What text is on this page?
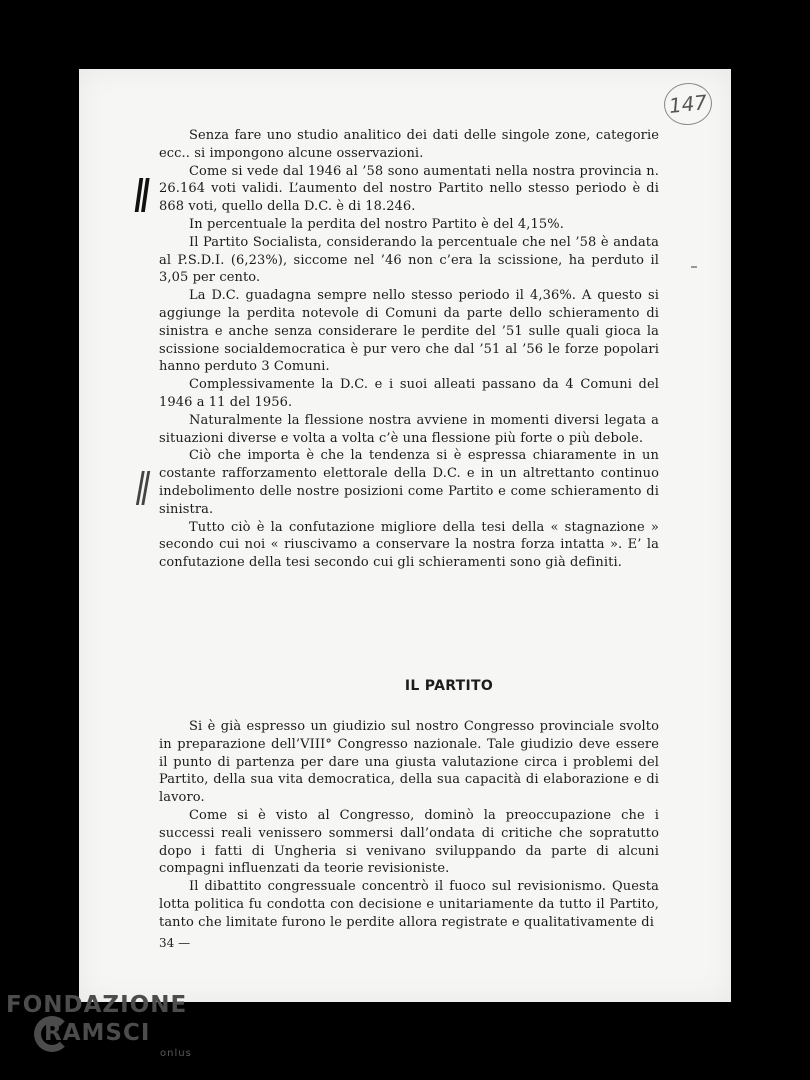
147
||
||

Senza fare uno studio analitico dei dati delle singole zone, categorie ecc.. si impongono alcune osservazioni.

Come si vede dal 1946 al ’58 sono aumentati nella nostra provincia n. 26.164 voti validi. L’aumento del nostro Partito nello stesso periodo è di 868 voti, quello della D.C. è di 18.246.

In percentuale la perdita del nostro Partito è del 4,15%.

Il Partito Socialista, considerando la percentuale che nel ’58 è andata al P.S.D.I. (6,23%), siccome nel ’46 non c’era la scissione, ha perduto il 3,05 per cento.

La D.C. guadagna sempre nello stesso periodo il 4,36%. A questo si aggiunge la perdita notevole di Comuni da parte dello schieramento di sinistra e anche senza considerare le perdite del ’51 sulle quali gioca la scissione socialdemocratica è pur vero che dal ’51 al ’56 le forze popolari hanno perduto 3 Comuni.

Complessivamente la D.C. e i suoi alleati passano da 4 Comuni del 1946 a 11 del 1956.

Naturalmente la flessione nostra avviene in momenti diversi legata a situazioni diverse e volta a volta c’è una flessione più forte o più debole.

Ciò che importa è che la tendenza si è espressa chiaramente in un costante rafforzamento elettorale della D.C. e in un altrettanto continuo indebolimento delle nostre posizioni come Partito e come schieramento di sinistra.

Tutto ciò è la confutazione migliore della tesi della « stagnazione » secondo cui noi « riuscivamo a conservare la nostra forza intatta ». E’ la confutazione della tesi secondo cui gli schieramenti sono già definiti.

IL PARTITO

Si è già espresso un giudizio sul nostro Congresso provinciale svolto in preparazione dell’VIII° Congresso nazionale. Tale giudizio deve essere il punto di partenza per dare una giusta valutazione circa i problemi del Partito, della sua vita democratica, della sua capacità di elaborazione e di lavoro.

Come si è visto al Congresso, dominò la preoccupazione che i successi reali venissero sommersi dall’ondata di critiche che sopratutto dopo i fatti di Ungheria si venivano sviluppando da parte di alcuni compagni influenzati da teorie revisioniste.

Il dibattito congressuale concentrò il fuoco sul revisionismo. Questa lotta politica fu condotta con decisione e unitariamente da tutto il Partito, tanto che limitate furono le perdite allora registrate e qualitativamente di

34 —
FONDAZIONE
RAMSCI
onlus
